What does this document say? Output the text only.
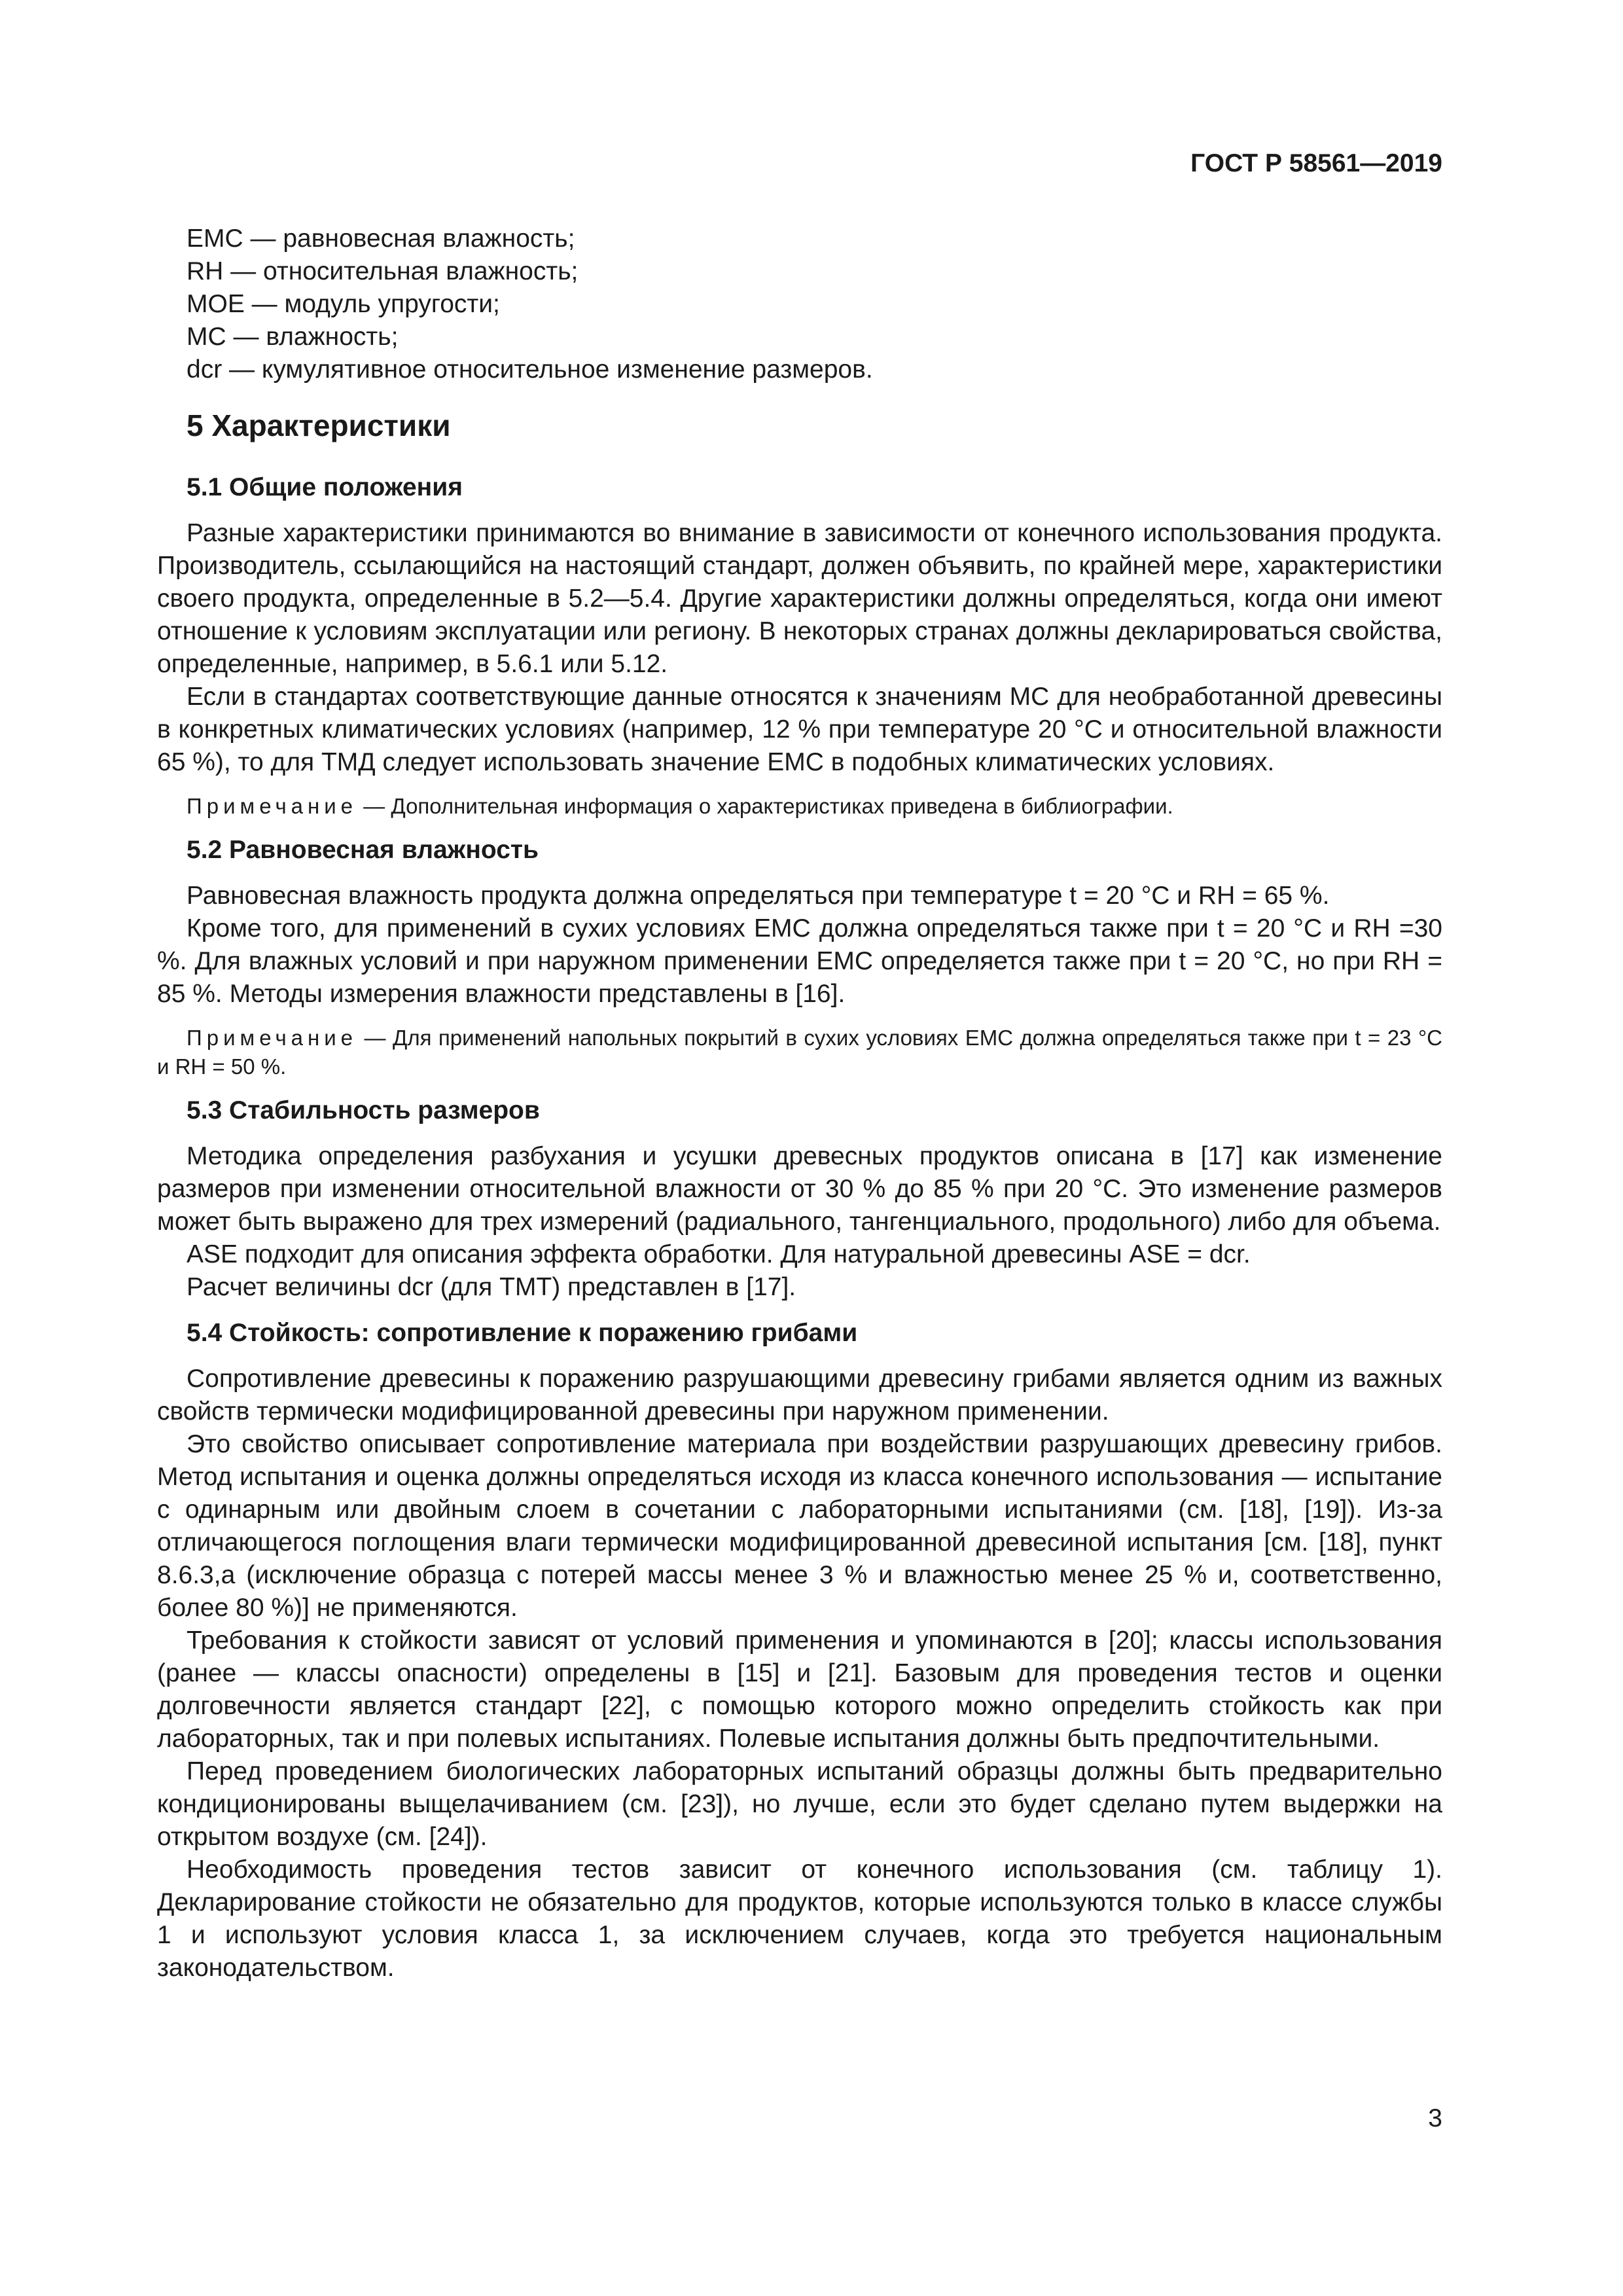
ГОСТ Р 58561—2019
EMC — равновесная влажность;
RH — относительная влажность;
MOE — модуль упругости;
MC — влажность;
dcr — кумулятивное относительное изменение размеров.
5 Характеристики
5.1 Общие положения

Разные характеристики принимаются во внимание в зависимости от конечного использования продукта. Производитель, ссылающийся на настоящий стандарт, должен объявить, по крайней мере, характеристики своего продукта, определенные в 5.2—5.4. Другие характеристики должны определяться, когда они имеют отношение к условиям эксплуатации или региону. В некоторых странах должны декларироваться свойства, определенные, например, в 5.6.1 или 5.12.

Если в стандартах соответствующие данные относятся к значениям MC для необработанной древесины в конкретных климатических условиях (например, 12 % при температуре 20 °С и относительной влажности 65 %), то для ТМД следует использовать значение EMC в подобных климатических условиях.

Примечание — Дополнительная информация о характеристиках приведена в библиографии.
5.2 Равновесная влажность

Равновесная влажность продукта должна определяться при температуре t = 20 °С и RH = 65 %.

Кроме того, для применений в сухих условиях EMC должна определяться также при t = 20 °С и RH =30 %. Для влажных условий и при наружном применении EMC определяется также при t = 20 °С, но при RH = 85 %. Методы измерения влажности представлены в [16].

Примечание — Для применений напольных покрытий в сухих условиях EMC должна определяться также при t = 23 °С и RH = 50 %.
5.3 Стабильность размеров

Методика определения разбухания и усушки древесных продуктов описана в [17] как изменение размеров при изменении относительной влажности от 30 % до 85 % при 20 °С. Это изменение размеров может быть выражено для трех измерений (радиального, тангенциального, продольного) либо для объема.

ASE подходит для описания эффекта обработки. Для натуральной древесины ASE = dcr.

Расчет величины dcr (для TMT) представлен в [17].

5.4 Стойкость: сопротивление к поражению грибами

Сопротивление древесины к поражению разрушающими древесину грибами является одним из важных свойств термически модифицированной древесины при наружном применении.

Это свойство описывает сопротивление материала при воздействии разрушающих древесину грибов. Метод испытания и оценка должны определяться исходя из класса конечного использования — испытание с одинарным или двойным слоем в сочетании с лабораторными испытаниями (см. [18], [19]). Из-за отличающегося поглощения влаги термически модифицированной древесиной испытания [см. [18], пункт 8.6.3,а (исключение образца с потерей массы менее 3 % и влажностью менее 25 % и, соответственно, более 80 %)] не применяются.

Требования к стойкости зависят от условий применения и упоминаются в [20]; классы использования (ранее — классы опасности) определены в [15] и [21]. Базовым для проведения тестов и оценки долговечности является стандарт [22], с помощью которого можно определить стойкость как при лабораторных, так и при полевых испытаниях. Полевые испытания должны быть предпочтительными.

Перед проведением биологических лабораторных испытаний образцы должны быть предварительно кондиционированы выщелачиванием (см. [23]), но лучше, если это будет сделано путем выдержки на открытом воздухе (см. [24]).

Необходимость проведения тестов зависит от конечного использования (см. таблицу 1). Декларирование стойкости не обязательно для продуктов, которые используются только в классе службы 1 и используют условия класса 1, за исключением случаев, когда это требуется национальным законодательством.

3
